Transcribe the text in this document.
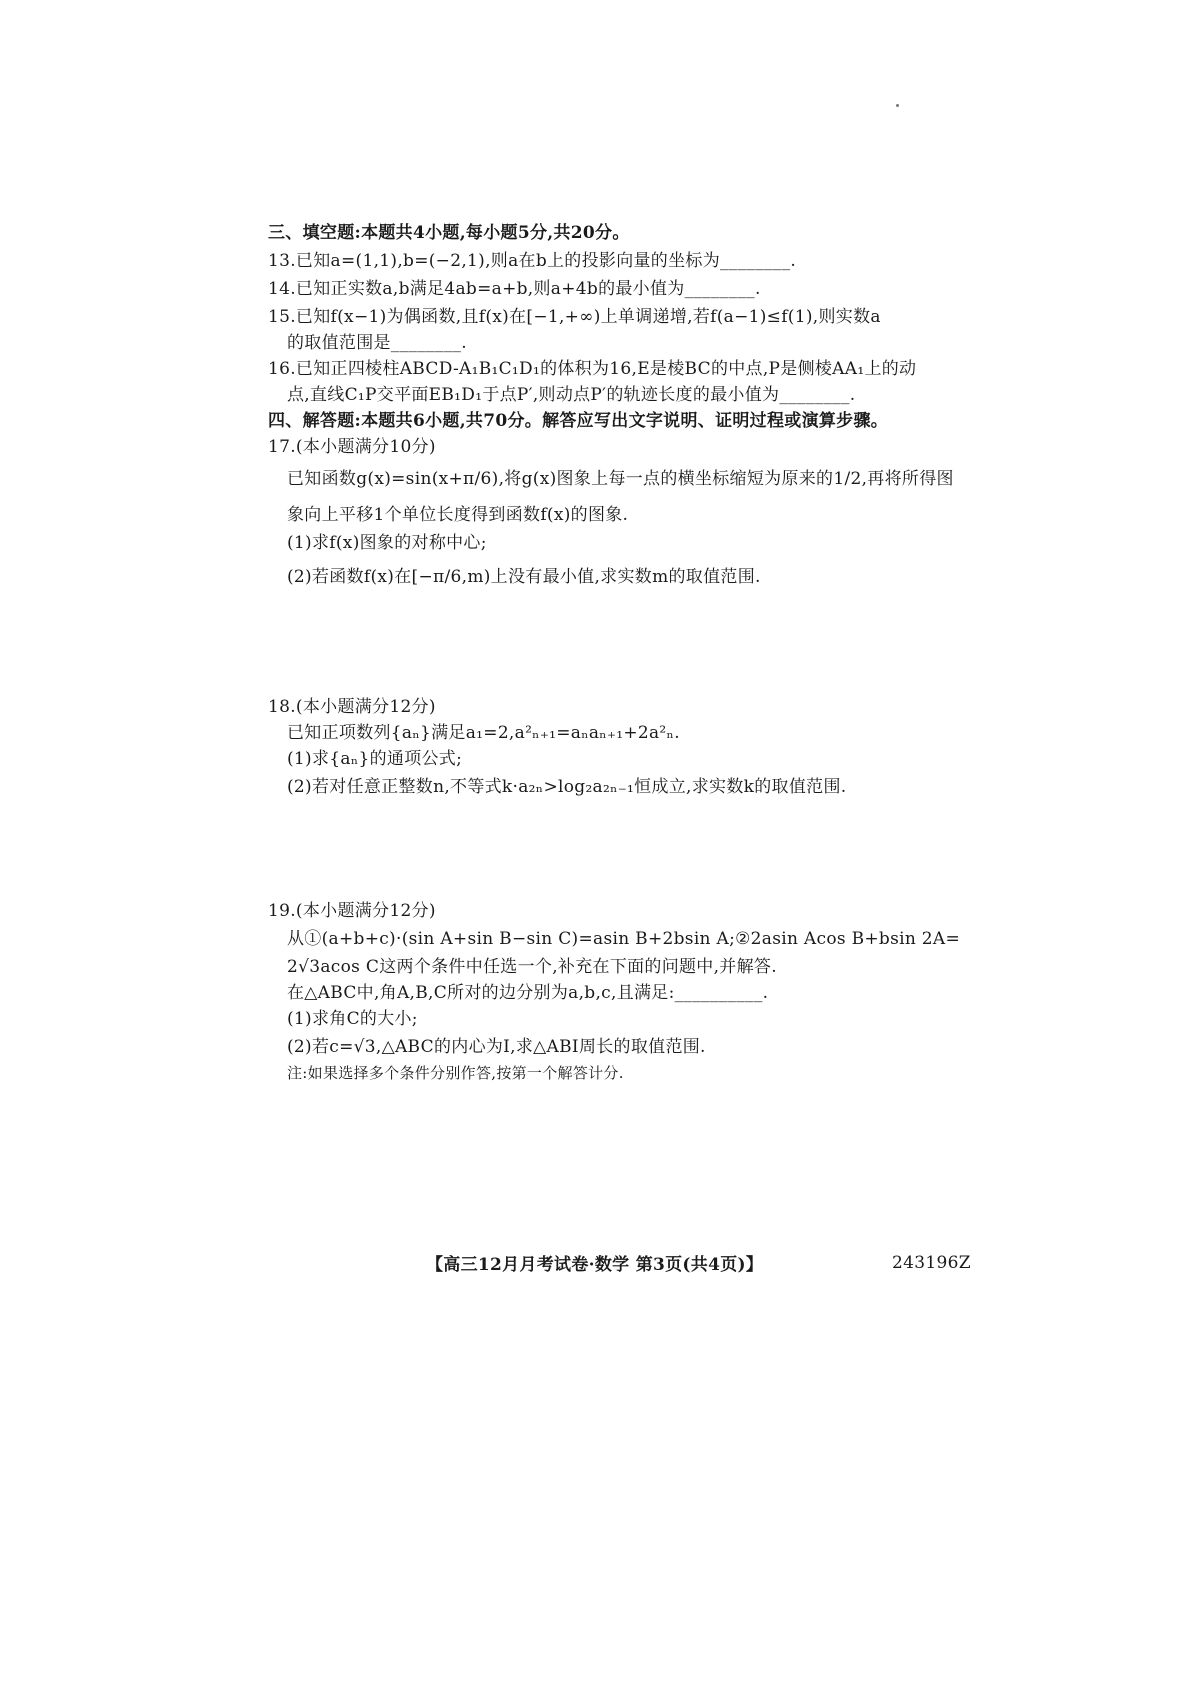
三、填空题:本题共4小题,每小题5分,共20分。
13.已知a=(1,1),b=(−2,1),则a在b上的投影向量的坐标为________.
14.已知正实数a,b满足4ab=a+b,则a+4b的最小值为________.
15.已知f(x−1)为偶函数,且f(x)在[−1,+∞)上单调递增,若f(a−1)≤f(1),则实数a
的取值范围是________.
16.已知正四棱柱ABCD-A₁B₁C₁D₁的体积为16,E是棱BC的中点,P是侧棱AA₁上的动
点,直线C₁P交平面EB₁D₁于点P′,则动点P′的轨迹长度的最小值为________.
四、解答题:本题共6小题,共70分。解答应写出文字说明、证明过程或演算步骤。
17.(本小题满分10分)
已知函数g(x)=sin(x+π/6),将g(x)图象上每一点的横坐标缩短为原来的1/2,再将所得图
象向上平移1个单位长度得到函数f(x)的图象.
(1)求f(x)图象的对称中心;
(2)若函数f(x)在[−π/6,m)上没有最小值,求实数m的取值范围.
18.(本小题满分12分)
已知正项数列{aₙ}满足a₁=2,a²ₙ₊₁=aₙaₙ₊₁+2a²ₙ.
(1)求{aₙ}的通项公式;
(2)若对任意正整数n,不等式k·a₂ₙ>log₂a₂ₙ₋₁恒成立,求实数k的取值范围.
19.(本小题满分12分)
从①(a+b+c)·(sin A+sin B−sin C)=asin B+2bsin A;②2asin Acos B+bsin 2A=
2√3acos C这两个条件中任选一个,补充在下面的问题中,并解答.
在△ABC中,角A,B,C所对的边分别为a,b,c,且满足:__________.
(1)求角C的大小;
(2)若c=√3,△ABC的内心为I,求△ABI周长的取值范围.
注:如果选择多个条件分别作答,按第一个解答计分.
【高三12月月考试卷·数学 第3页(共4页)】	243196Z
